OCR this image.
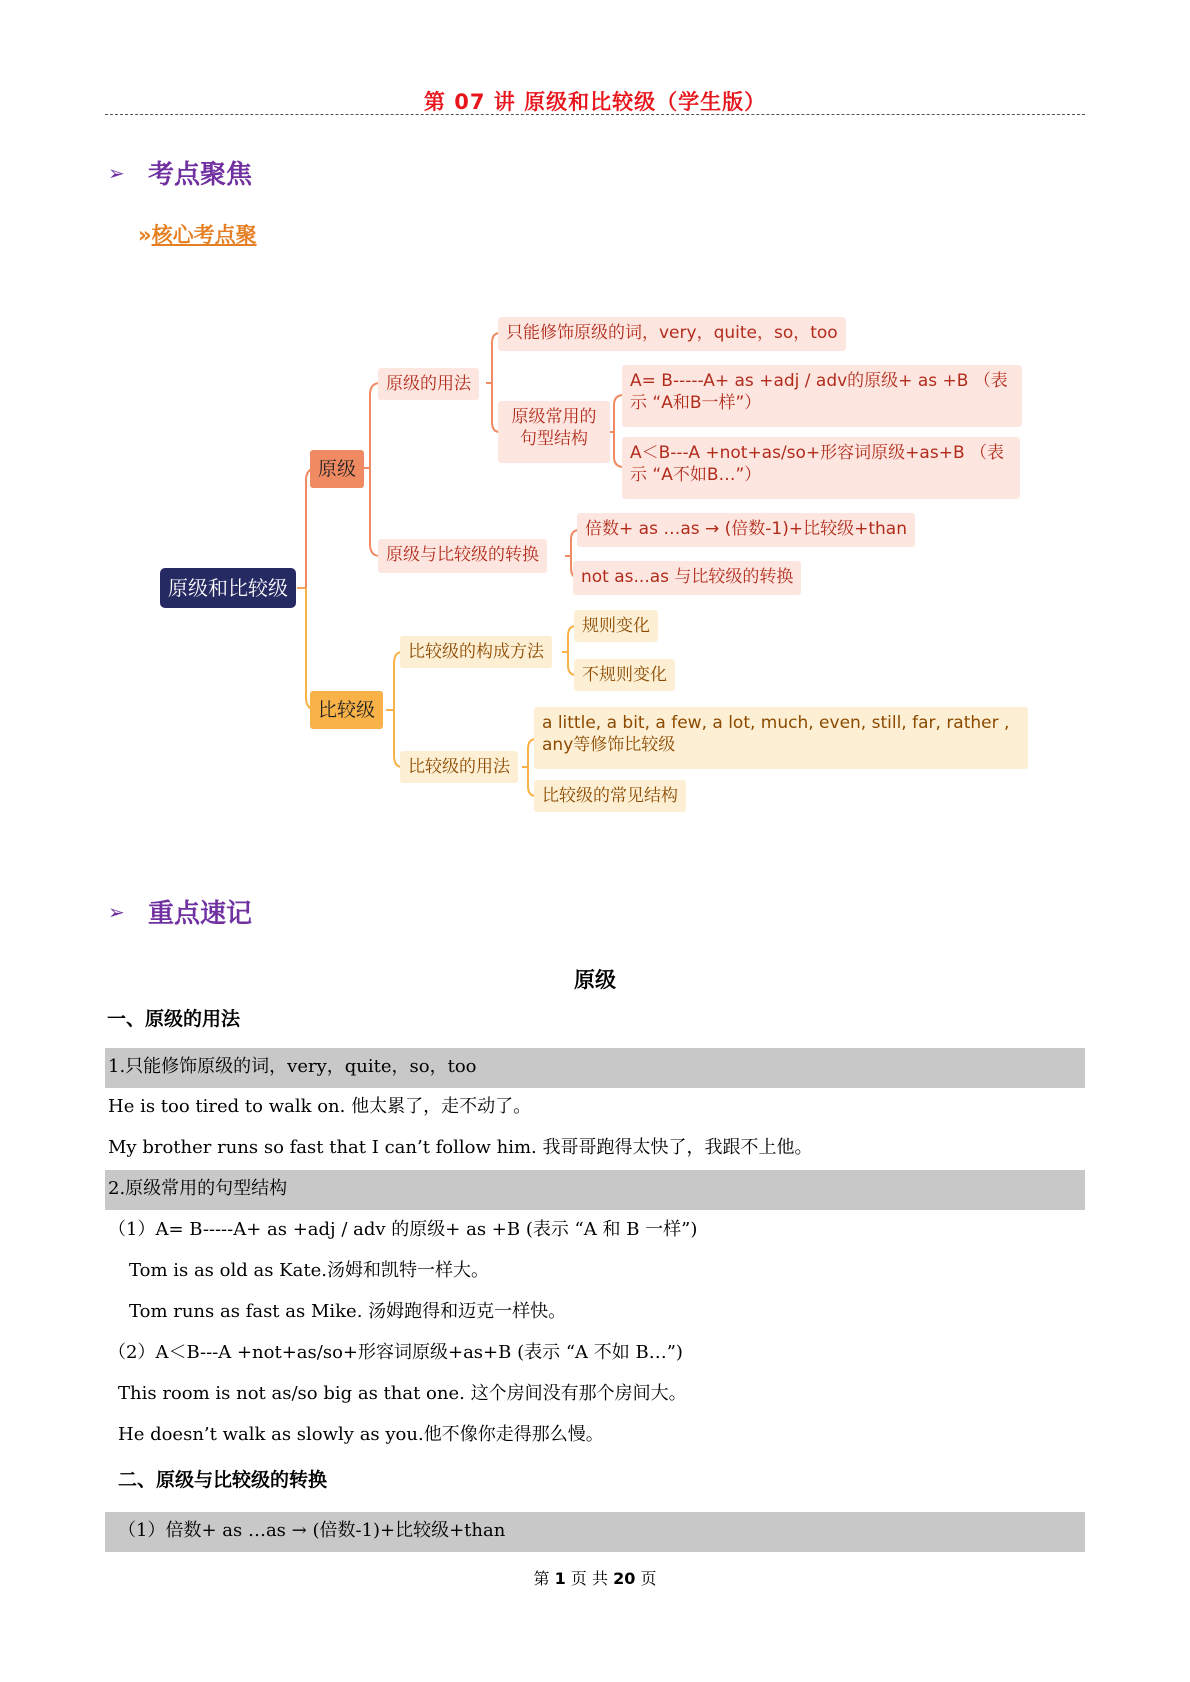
第 07 讲 原级和比较级（学生版）
➢ 考点聚焦
»核心考点聚
原级和比较级
原级
原级的用法
只能修饰原级的词，very，quite，so，too
原级常用的句型结构
A= B-----A+ as +adj / adv的原级+ as +B （表示 “A和B一样”）
A＜B---A +not+as/so+形容词原级+as+B （表示 “A不如B…”）
原级与比较级的转换
倍数+ as …as → (倍数-1)+比较级+than
not as...as 与比较级的转换
比较级
比较级的构成方法
规则变化
不规则变化
比较级的用法
a little, a bit, a few, a lot, much, even, still, far, rather , any等修饰比较级
比较级的常见结构
➢ 重点速记
原级
一、原级的用法
1.只能修饰原级的词，very，quite，so，too
He is too tired to walk on. 他太累了，走不动了。
My brother runs so fast that I can’t follow him. 我哥哥跑得太快了，我跟不上他。
2.原级常用的句型结构
（1）A= B-----A+ as +adj / adv 的原级+ as +B (表示 “A 和 B 一样”)
Tom is as old as Kate.汤姆和凯特一样大。
Tom runs as fast as Mike. 汤姆跑得和迈克一样快。
（2）A＜B---A +not+as/so+形容词原级+as+B (表示 “A 不如 B…”)
This room is not as/so big as that one. 这个房间没有那个房间大。
He doesn’t walk as slowly as you.他不像你走得那么慢。
二、原级与比较级的转换
（1）倍数+ as …as → (倍数-1)+比较级+than
第 1 页 共 20 页
